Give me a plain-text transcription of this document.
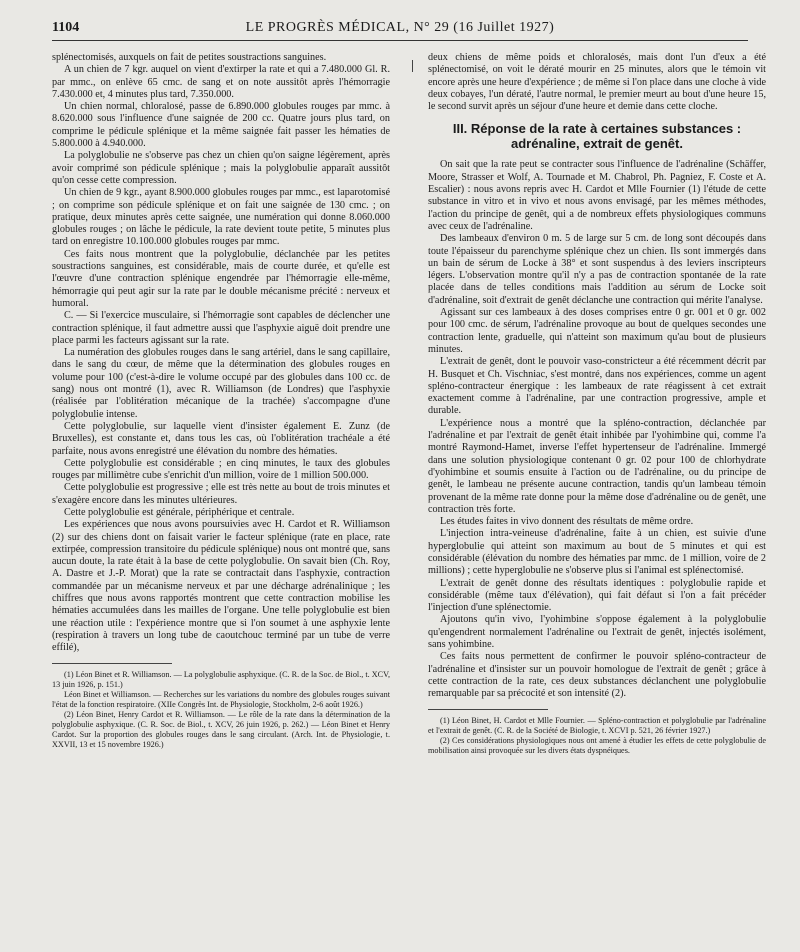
1104	LE PROGRÈS MÉDICAL, N° 29 (16 Juillet 1927)

splénectomisés, auxquels on fait de petites soustractions sanguines.

A un chien de 7 kgr. auquel on vient d'extirper la rate et qui a 7.480.000 Gl. R. par mmc., on enlève 65 cmc. de sang et on note aussitôt après l'hémorragie 7.430.000 et, 4 minutes plus tard, 7.350.000.

Un chien normal, chloralosé, passe de 6.890.000 globules rouges par mmc. à 8.620.000 sous l'influence d'une saignée de 200 cc. Quatre jours plus tard, on comprime le pédicule splénique et la même saignée fait passer les hématies de 5.800.000 à 4.940.000.

La polyglobulie ne s'observe pas chez un chien qu'on saigne légèrement, après avoir comprimé son pédicule splénique ; mais la polyglobulie apparaît aussitôt qu'on cesse cette compression.

Un chien de 9 kgr., ayant 8.900.000 globules rouges par mmc., est laparotomisé ; on comprime son pédicule splénique et on fait une saignée de 130 cmc. ; on pratique, deux minutes après cette saignée, une numération qui donne 8.060.000 globules rouges ; on lâche le pédicule, la rate devient toute petite, 5 minutes plus tard on enregistre 10.100.000 globules rouges par mmc.

Ces faits nous montrent que la polyglobulie, déclanchée par les petites soustractions sanguines, est considérable, mais de courte durée, et qu'elle est l'œuvre d'une contraction splénique engendrée par l'hémorragie elle-même, hémorragie qui peut agir sur la rate par le double mécanisme précité : nerveux et humoral.

C. — Si l'exercice musculaire, si l'hémorragie sont capables de déclencher une contraction splénique, il faut admettre aussi que l'asphyxie aiguë doit prendre une place parmi les facteurs agissant sur la rate.

La numération des globules rouges dans le sang artériel, dans le sang capillaire, dans le sang du cœur, de même que la détermination des globules rouges en volume pour 100 (c'est-à-dire le volume occupé par des globules dans 100 cc. de sang) nous ont montré (1), avec R. Williamson (de Londres) que l'asphyxie (réalisée par l'oblitération mécanique de la trachée) s'accompagne d'une polyglobulie intense.

Cette polyglobulie, sur laquelle vient d'insister également E. Zunz (de Bruxelles), est constante et, dans tous les cas, où l'oblitération trachéale a été parfaite, nous avons enregistré une élévation du nombre des hématies.

Cette polyglobulie est considérable ; en cinq minutes, le taux des globules rouges par millimètre cube s'enrichit d'un million, voire de 1 million 500.000.

Cette polyglobulie est progressive ; elle est très nette au bout de trois minutes et s'exagère encore dans les minutes ultérieures.

Cette polyglobulie est générale, périphérique et centrale.

Les expériences que nous avons poursuivies avec H. Cardot et R. Williamson (2) sur des chiens dont on faisait varier le facteur splénique (rate en place, rate extirpée, compression transitoire du pédicule splénique) nous ont montré que, sans aucun doute, la rate était à la base de cette polyglobulie. On savait bien (Ch. Roy, A. Dastre et J.-P. Morat) que la rate se contractait dans l'asphyxie, contraction commandée par un mécanisme nerveux et par une décharge adrénalinique ; les chiffres que nous avons rapportés montrent que cette contraction mobilise les hématies accumulées dans les mailles de l'organe. Une telle polyglobulie est bien une réaction utile : l'expérience montre que si l'on soumet à une asphyxie lente (respiration à travers un long tube de caoutchouc terminé par un tube de verre effilé),

(1) Léon Binet et R. Williamson. — La polyglobulie asphyxique. (C. R. de la Soc. de Biol., t. XCV, 13 juin 1926, p. 151.)

Léon Binet et Williamson. — Recherches sur les variations du nombre des globules rouges suivant l'état de la fonction respiratoire. (XIIe Congrès Int. de Physiologie, Stockholm, 2-6 août 1926.)

(2) Léon Binet, Henry Cardot et R. Williamson. — Le rôle de la rate dans la détermination de la polyglobulie asphyxique. (C. R. Soc. de Biol., t. XCV, 26 juin 1926, p. 262.) — Léon Binet et Henry Cardot. Sur la proportion des globules rouges dans le sang circulant. (Arch. Int. de Physiologie, t. XXVII, 13 et 15 novembre 1926.)

deux chiens de même poids et chloralosés, mais dont l'un d'eux a été splénectomisé, on voit le dératé mourir en 25 minutes, alors que le témoin vit encore après une heure d'expérience ; de même si l'on place dans une cloche à vide deux cobayes, l'un dératé, l'autre normal, le premier meurt au bout d'une heure 15, le second survit après un séjour d'une heure et demie dans cette cloche.

III. Réponse de la rate à certaines substances : adrénaline, extrait de genêt.

On sait que la rate peut se contracter sous l'influence de l'adrénaline (Schäffer, Moore, Strasser et Wolf, A. Tournade et M. Chabrol, Ph. Pagniez, F. Coste et A. Escalier) : nous avons repris avec H. Cardot et Mlle Fournier (1) l'étude de cette substance in vitro et in vivo et nous avons envisagé, par les mêmes méthodes, l'action du principe de genêt, qui a de nombreux effets physiologiques communs avec ceux de l'adrénaline.

Des lambeaux d'environ 0 m. 5 de large sur 5 cm. de long sont découpés dans toute l'épaisseur du parenchyme splénique chez un chien. Ils sont immergés dans un bain de sérum de Locke à 38° et sont suspendus à des leviers inscripteurs légers. L'observation montre qu'il n'y a pas de contraction spontanée de la rate placée dans de telles conditions mais l'addition au sérum de Locke soit d'adrénaline, soit d'extrait de genêt déclanche une contraction qui mérite l'analyse.

Agissant sur ces lambeaux à des doses comprises entre 0 gr. 001 et 0 gr. 002 pour 100 cmc. de sérum, l'adrénaline provoque au bout de quelques secondes une contraction lente, graduelle, qui n'atteint son maximum qu'au bout de plusieurs minutes.

L'extrait de genêt, dont le pouvoir vaso-constricteur a été récemment décrit par H. Busquet et Ch. Vischniac, s'est montré, dans nos expériences, comme un agent spléno-contracteur énergique : les lambeaux de rate réagissent à cet extrait exactement comme à l'adrénaline, par une contraction progressive, ample et durable.

L'expérience nous a montré que la spléno-contraction, déclanchée par l'adrénaline et par l'extrait de genêt était inhibée par l'yohimbine qui, comme l'a montré Raymond-Hamet, inverse l'effet hypertenseur de l'adrénaline. Immergé dans une solution physiologique contenant 0 gr. 02 pour 100 de chlorhydrate d'yohimbine et soumis ensuite à l'action ou de l'adrénaline, ou du principe de genêt, le lambeau ne présente aucune contraction, tandis qu'un lambeau témoin provenant de la même rate donne pour la même dose d'adrénaline ou de genêt, une contraction très forte.

Les études faites in vivo donnent des résultats de même ordre.

L'injection intra-veineuse d'adrénaline, faite à un chien, est suivie d'une hyperglobulie qui atteint son maximum au bout de 5 minutes et qui est considérable (élévation du nombre des hématies par mmc. de 1 million, voire de 2 millions) ; cette hyperglobulie ne s'observe plus si l'animal est splénectomisé.

L'extrait de genêt donne des résultats identiques : polyglobulie rapide et considérable (même taux d'élévation), qui fait défaut si l'on a fait précéder l'injection d'une splénectomie.

Ajoutons qu'in vivo, l'yohimbine s'oppose également à la polyglobulie qu'engendrent normalement l'adrénaline ou l'extrait de genêt, injectés isolément, sans yohimbine.

Ces faits nous permettent de confirmer le pouvoir spléno-contracteur de l'adrénaline et d'insister sur un pouvoir homologue de l'extrait de genêt ; grâce à cette contraction de la rate, ces deux substances déclanchent une polyglobulie remarquable par sa précocité et son intensité (2).

(1) Léon Binet, H. Cardot et Mlle Fournier. — Spléno-contraction et polyglobulie par l'adrénaline et l'extrait de genêt. (C. R. de la Société de Biologie, t. XCVI p. 521, 26 février 1927.)

(2) Ces considérations physiologiques nous ont amené à étudier les effets de cette polyglobulie de mobilisation ainsi provoquée sur les divers états dyspnéiques.
